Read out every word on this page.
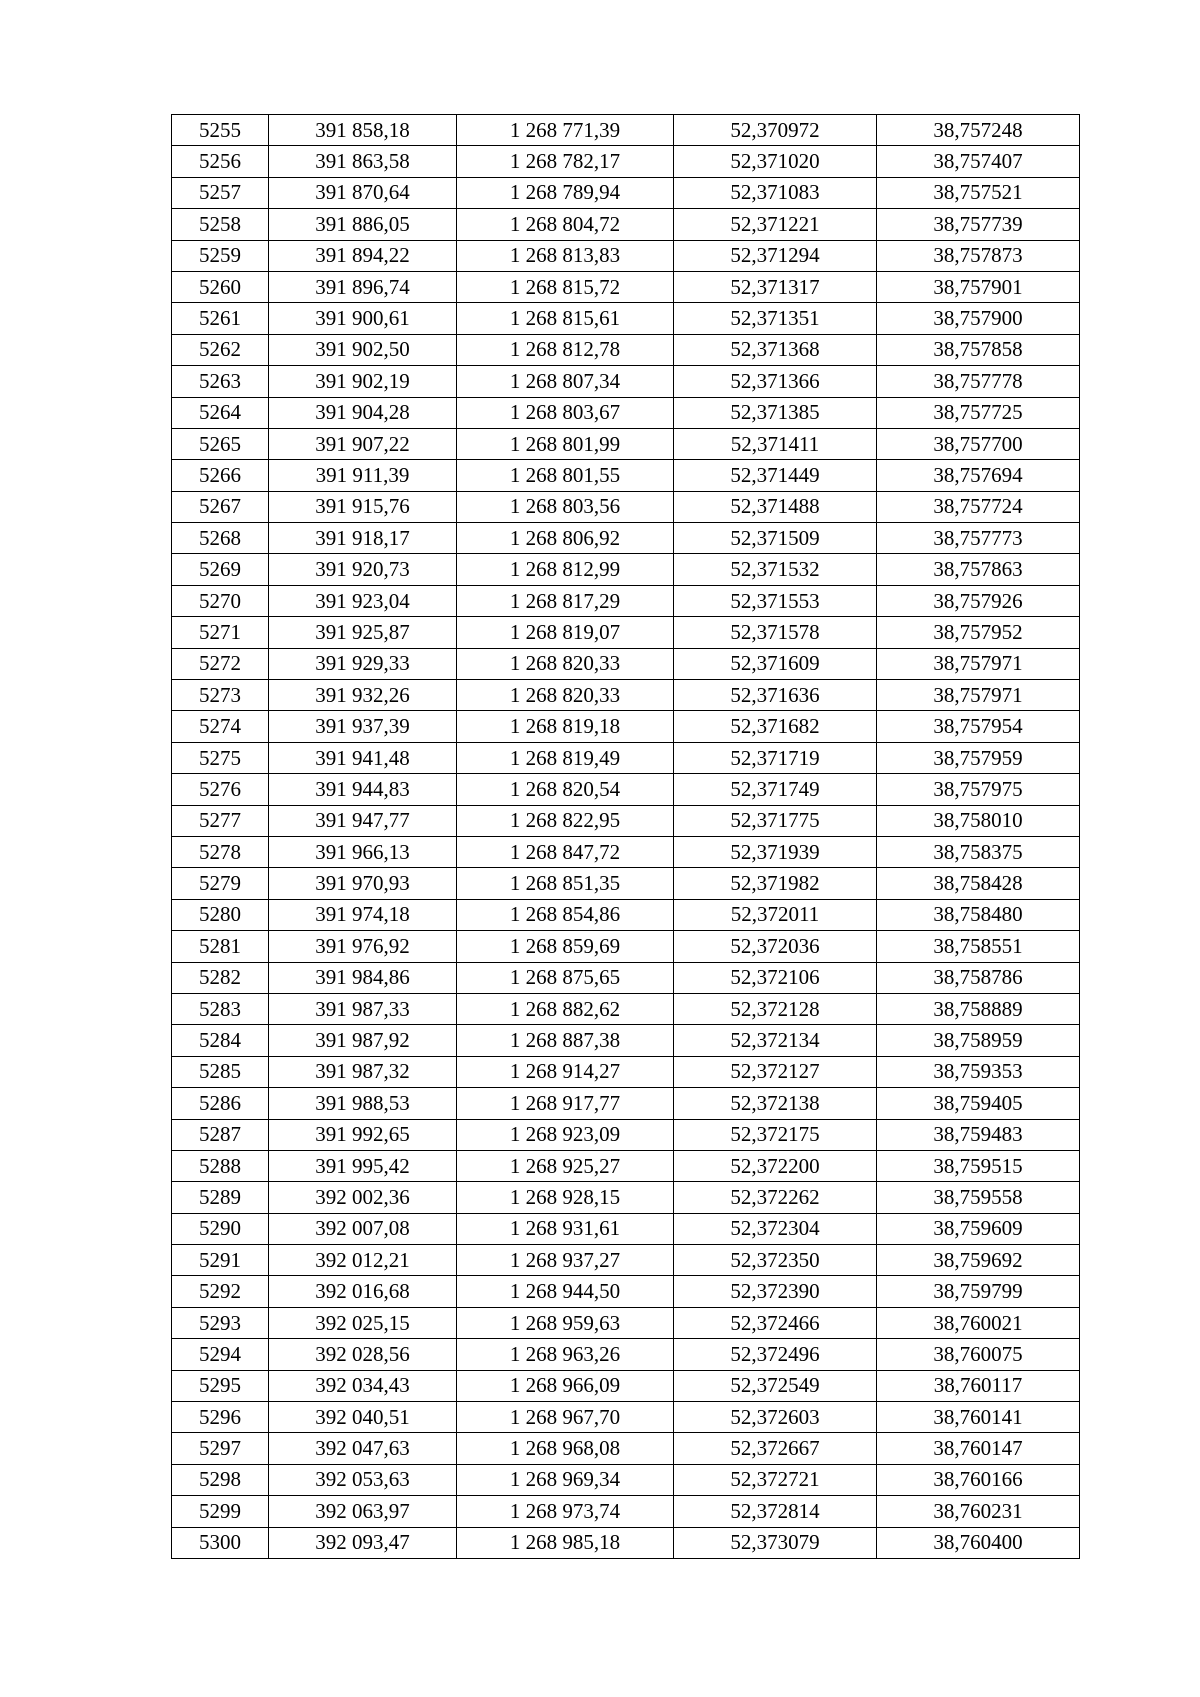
5255	391 858,18	1 268 771,39	52,370972	38,757248
5256	391 863,58	1 268 782,17	52,371020	38,757407
5257	391 870,64	1 268 789,94	52,371083	38,757521
5258	391 886,05	1 268 804,72	52,371221	38,757739
5259	391 894,22	1 268 813,83	52,371294	38,757873
5260	391 896,74	1 268 815,72	52,371317	38,757901
5261	391 900,61	1 268 815,61	52,371351	38,757900
5262	391 902,50	1 268 812,78	52,371368	38,757858
5263	391 902,19	1 268 807,34	52,371366	38,757778
5264	391 904,28	1 268 803,67	52,371385	38,757725
5265	391 907,22	1 268 801,99	52,371411	38,757700
5266	391 911,39	1 268 801,55	52,371449	38,757694
5267	391 915,76	1 268 803,56	52,371488	38,757724
5268	391 918,17	1 268 806,92	52,371509	38,757773
5269	391 920,73	1 268 812,99	52,371532	38,757863
5270	391 923,04	1 268 817,29	52,371553	38,757926
5271	391 925,87	1 268 819,07	52,371578	38,757952
5272	391 929,33	1 268 820,33	52,371609	38,757971
5273	391 932,26	1 268 820,33	52,371636	38,757971
5274	391 937,39	1 268 819,18	52,371682	38,757954
5275	391 941,48	1 268 819,49	52,371719	38,757959
5276	391 944,83	1 268 820,54	52,371749	38,757975
5277	391 947,77	1 268 822,95	52,371775	38,758010
5278	391 966,13	1 268 847,72	52,371939	38,758375
5279	391 970,93	1 268 851,35	52,371982	38,758428
5280	391 974,18	1 268 854,86	52,372011	38,758480
5281	391 976,92	1 268 859,69	52,372036	38,758551
5282	391 984,86	1 268 875,65	52,372106	38,758786
5283	391 987,33	1 268 882,62	52,372128	38,758889
5284	391 987,92	1 268 887,38	52,372134	38,758959
5285	391 987,32	1 268 914,27	52,372127	38,759353
5286	391 988,53	1 268 917,77	52,372138	38,759405
5287	391 992,65	1 268 923,09	52,372175	38,759483
5288	391 995,42	1 268 925,27	52,372200	38,759515
5289	392 002,36	1 268 928,15	52,372262	38,759558
5290	392 007,08	1 268 931,61	52,372304	38,759609
5291	392 012,21	1 268 937,27	52,372350	38,759692
5292	392 016,68	1 268 944,50	52,372390	38,759799
5293	392 025,15	1 268 959,63	52,372466	38,760021
5294	392 028,56	1 268 963,26	52,372496	38,760075
5295	392 034,43	1 268 966,09	52,372549	38,760117
5296	392 040,51	1 268 967,70	52,372603	38,760141
5297	392 047,63	1 268 968,08	52,372667	38,760147
5298	392 053,63	1 268 969,34	52,372721	38,760166
5299	392 063,97	1 268 973,74	52,372814	38,760231
5300	392 093,47	1 268 985,18	52,373079	38,760400
